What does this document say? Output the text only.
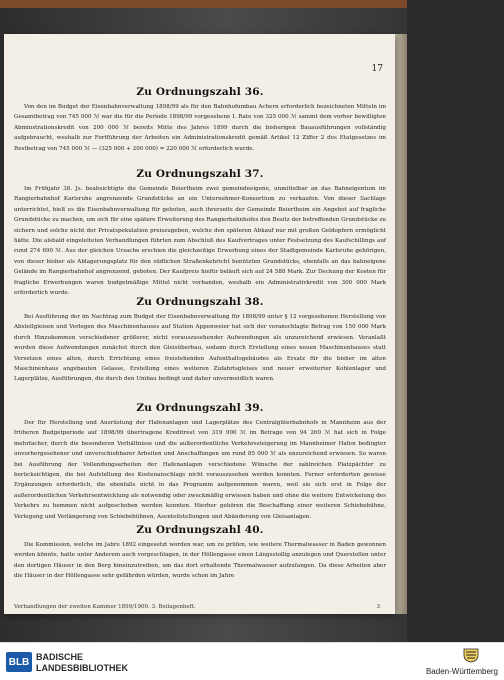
17
Zu Ordnungszahl 36.

Von den im Budget der Eisenbahnverwaltung 1898/99 als für den Bahnhofumbau Achern erforderlich bezeichneten Mitteln im Gesamtbetrag von 745 000 ℳ war die für die Periode 1898/99 vorgesehene I. Rate von 325 000 ℳ sammt dem vorher bewilligten Abminstrationskredit von 200 000 ℳ bereits Mitte des Jahres 1899 durch die bisherigen Bauausführungen vollständig aufgebraucht, weshalb zur Fortführung der Arbeiten ein Administrationskredit gemäß Artikel 12 Ziffer 2 des Etatgesetzes im Restbetrag von 745 000 ℳ — (325 000 + 200 000) = 220 000 ℳ erforderlich wurde.

Zu Ordnungszahl 37.

Im Frühjahr 38. Js. beabsichtigte die Gemeinde Beiertheim zwei gemeindeeigene, unmittelbar an das Bahneigentum im Rangierbahnhof Karlsruhe angrenzende Grundstücke an ein Unternehmer-Konsortium zu verkaufen. Von dieser Sachlage unterrichtet, hielt es die Eisenbahnverwaltung für geboten, auch ihrerseits der Gemeinde Beiertheim ein Angebot auf fragliche Grundstücke zu machen, um sich für eine spätere Erweiterung des Rangierbahnhofes den Besitz der betreffenden Grundstücke zu sichern und solche nicht der Privatspekulation preiszugeben, welche den späteren Abkauf nur mit großen Geldopfern ermöglicht hätte. Die alsbald eingeleiteten Verhandlungen führten zum Abschluß des Kaufvertrages unter Festsetzung des Kaufschillings auf rund 274 690 ℳ. Aus der gleichen Ursache erschien die gleichzeitige Erwerbung eines der Stadtgemeinde Karlsruhe gehörigen, von dieser bisher als Ablagerungsplatz für den südlichen Straßenkehricht benützten Grundstücks, ebenfalls an das bahneigene Gelände im Rangierbahnhof angrenzend, geboten. Der Kaufpreis hiefür beläuft sich auf 24 588 Mark. Zur Deckung der Kosten für fragliche Erwerbungen waren budgetmäßige Mittel nicht vorhanden, weshalb ein Administrativkredit von 300 000 Mark erforderlich wurde.

Zu Ordnungszahl 38.

Bei Ausführung der im Nachtrag zum Budget der Eisenbahnverwaltung für 1898/99 unter § 12 vorgesehenen Herstellung von Abstellgleisen und Verlegen des Maschinenhauses auf Station Appenweier hat sich der veranschlagte Betrag von 150 000 Mark durch Hinzukommen verschiedener größerer, nicht vorauszusehender Aufwendungen als unzureichend erwiesen. Veranlaßt wurden diese Aufwendungen zunächst durch den Gleisüberbau, sodann durch Erstellung eines neuen Maschinenhauses statt Versetzen eines alten, durch Errichtung eines freistehenden Aufenthaltsgebäudes als Ersatz für die bisher im alten Maschinenhaus angebauten Gelasse, Erstellung eines weiteren Zufahrtsgleises und neuer erweiterter Kohlenlager und Lagerplätze, Ausführungen, die durch den Umbau bedingt und daher unvermeidlich waren.

Zu Ordnungszahl 39.

Der für Herstellung und Ausrüstung der Hafenanlagen und Lagerplätze des Centralgüterbahnhofs in Mannheim aus der früheren Budgetperiode auf 1898/99 übertragene Kreditrest von 319 900 ℳ im Betrage von 94 260 ℳ hat sich in Folge mehrfacher, durch die besonderen Verhältnisse und die außerordentliche Verkehrssteigerung im Mannheimer Hafen bedingter unvorhergesehener und unverschiebbarer Arbeiten und Anschaffungen um rund 85 000 ℳ als unzureichend erwiesen. So waren bei Ausführung der Vollendungsarbeiten der Hafenanlagen verschiedene Wünsche der zahlreichen Platzpächter zu berücksichtigen, die bei Aufstellung des Kostenanschlags nicht vorauszusehen werden konnten. Ferner erforderten gewisse Ergänzungen erforderlich, die ebenfalls nicht in das Programm aufgenommen waren, weil sie sich erst in Folge der außerordentlichen Verkehrsentwicklung als notwendig oder zweckmäßig erwiesen haben und ohne die weitere Entwickelung des Verkehrs zu hemmen nicht aufgeschoben werden konnten. Hierher gehören die Beschaffung einer weiteren Schiebebühne, Verlegung und Verlängerung von Schiebebühnen, Asenteilstellungen und Abänderung von Gleisanlagen.

Zu Ordnungszahl 40.

Die Kommission, welche im Jahre 1892 eingesetzt worden war, um zu prüfen, wie weitere Thermalwasser in Baden gewonnen werden könnte, hatte unter Anderem auch vorgeschlagen, in der Höllengasse einen Längsstollig anzulegen und Querstollen unter den dortigen Häuser in den Berg hineinzutreiben, um das dort erhaltende Thermalwasser aufzufangen. Da diese Arbeiten aber die Häuser in der Höllengasse sehr gefährden würden, wurde schon im Jahre

Verhandlungen der zweiten Kammer 1899/1900. 3. Beilagenheft.	3
BLB BADISCHE
LANDESBIBLIOTHEK	Baden-Württemberg
